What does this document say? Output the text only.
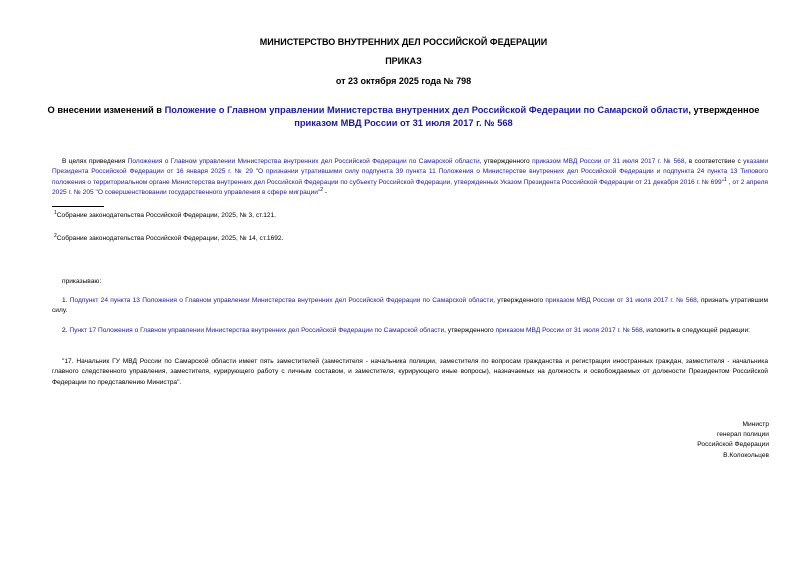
МИНИСТЕРСТВО ВНУТРЕННИХ ДЕЛ РОССИЙСКОЙ ФЕДЕРАЦИИ
ПРИКАЗ
от 23 октября 2025 года № 798
О внесении изменений в Положение о Главном управлении Министерства внутренних дел Российской Федерации по Самарской области, утвержденное приказом МВД России от 31 июля 2017 г. № 568
В целях приведения Положения о Главном управлении Министерства внутренних дел Российской Федерации по Самарской области, утвержденного приказом МВД России от 31 июля 2017 г. № 568, в соответствие с указами Президента Российской Федерации от 16 января 2025 г. № 29 "О признании утратившими силу подпункта 39 пункта 11 Положения о Министерстве внутренних дел Российской Федерации и подпункта 24 пункта 13 Типового положения о территориальном органе Министерства внутренних дел Российской Федерации по субъекту Российской Федерации, утвержденных Указом Президента Российской Федерации от 21 декабря 2016 г. № 699"$^1$ , от 2 апреля 2025 г. № 205 "О совершенствовании государственного управления в сфере миграции"$^2$ -
$^1$Собрание законодательства Российской Федерации, 2025, № 3, ст.121.
$^2$Собрание законодательства Российской Федерации, 2025, № 14, ст.1692.
приказываю:
1. Подпункт 24 пункта 13 Положения о Главном управлении Министерства внутренних дел Российской Федерации по Самарской области, утвержденного приказом МВД России от 31 июля 2017 г. № 568, признать утратившим силу.
2. Пункт 17 Положения о Главном управлении Министерства внутренних дел Российской Федерации по Самарской области, утвержденного приказом МВД России от 31 июля 2017 г. № 568, изложить в следующей редакции:
"17. Начальник ГУ МВД России по Самарской области имеет пять заместителей (заместителя - начальника полиции, заместителя по вопросам гражданства и регистрации иностранных граждан, заместителя - начальника главного следственного управления, заместителя, курирующего работу с личным составом, и заместителя, курирующего иные вопросы), назначаемых на должность и освобождаемых от должности Президентом Российской Федерации по представлению Министра".
Министр
генерал полиции
Российской Федерации
В.Колокольцев
